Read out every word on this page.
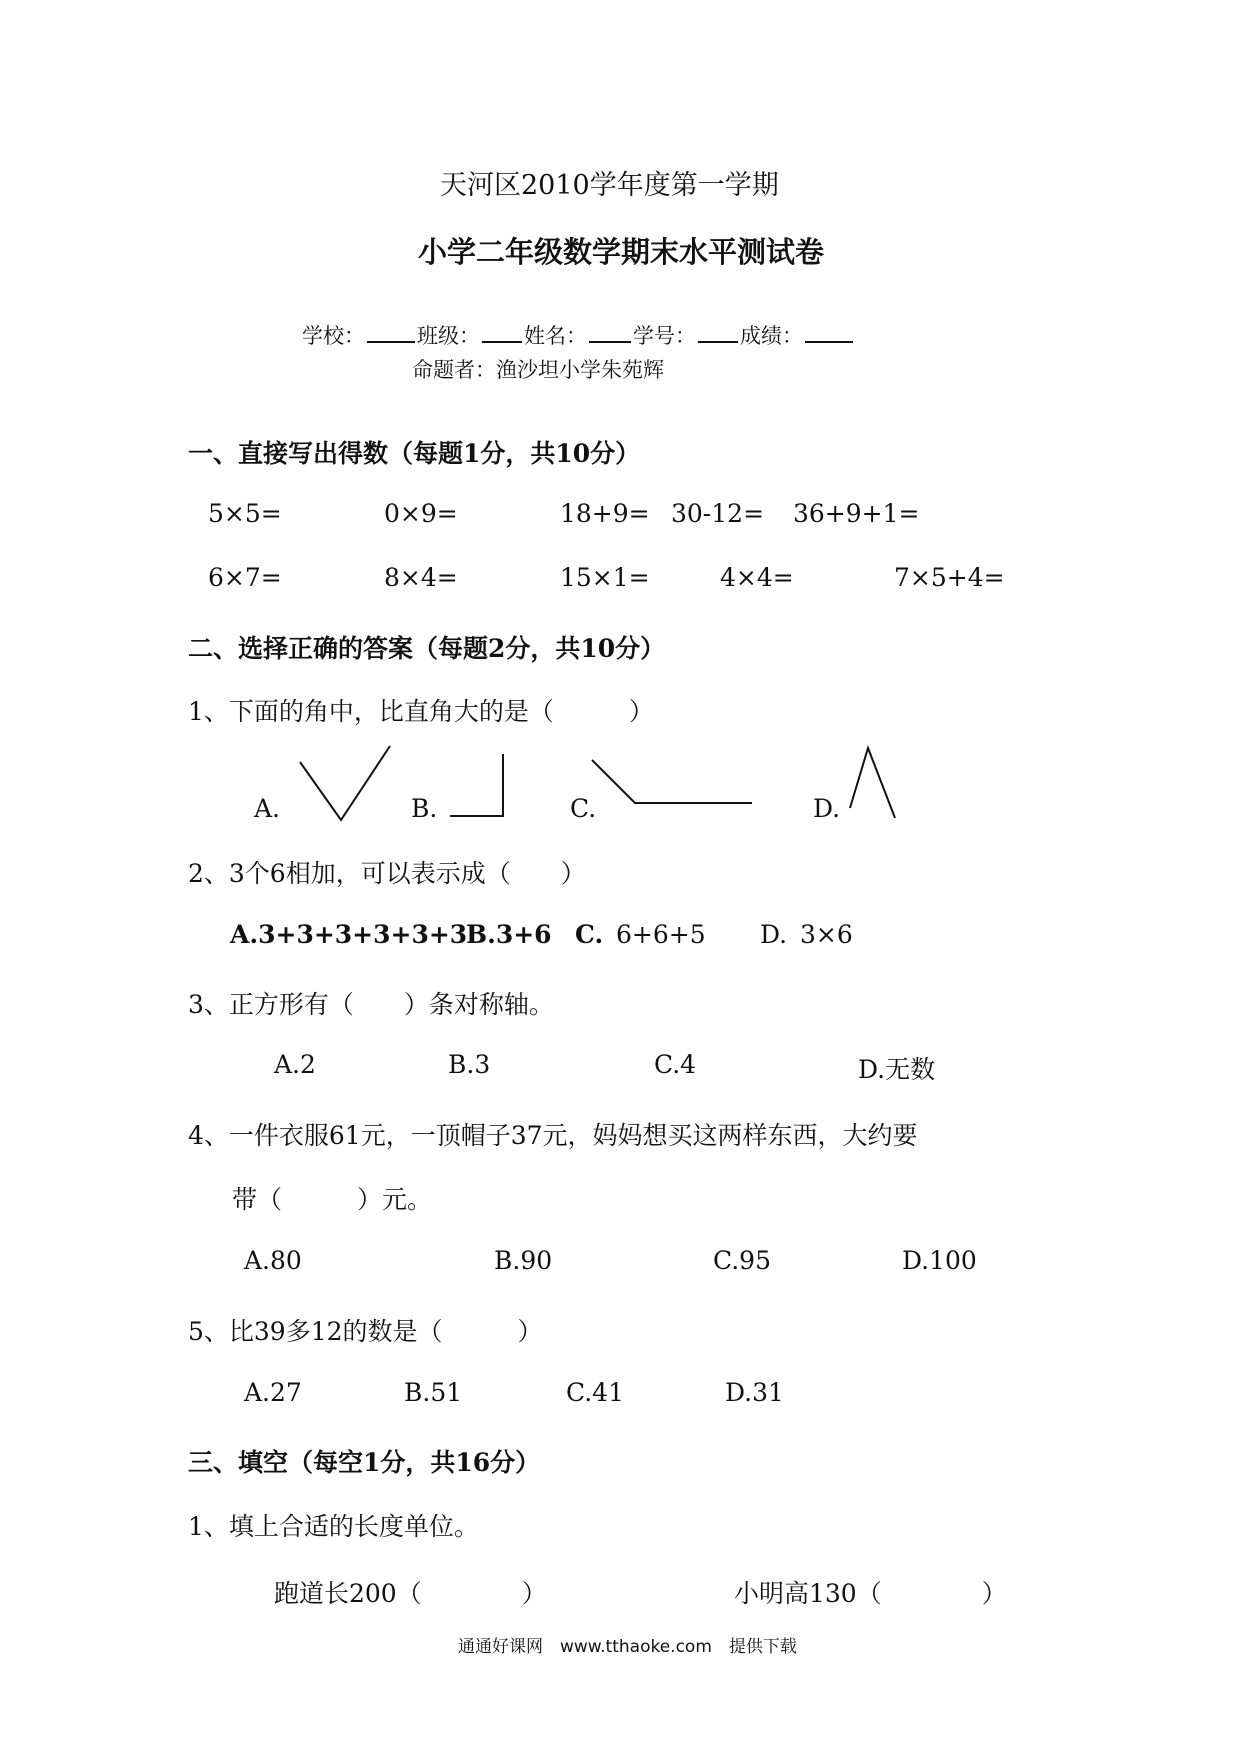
天河区2010学年度第一学期
小学二年级数学期末水平测试卷
学校： 班级： 姓名： 学号： 成绩：
命题者：渔沙坦小学朱苑辉
一、直接写出得数（每题1分，共10分）
5×5=	0×9=	18+9= 30-12= 36+9+1=
6×7=	8×4=	15×1=	4×4=	7×5+4=
二、选择正确的答案（每题2分，共10分）
1、下面的角中，比直角大的是（　　　）
A.	B.	C.	D.
2、3个6相加，可以表示成（　　）
A.3+3+3+3+3+3
B.3+6 C. 6+6+5 D. 3×6
3、正方形有（　　）条对称轴。
A.2	B.3	C.4	D.无数
4、一件衣服61元，一顶帽子37元，妈妈想买这两样东西，大约要
带（　　　）元。
A.80	B.90	C.95	D.100
5、比39多12的数是（　　　）
A.27	B.51	C.41	D.31
三、填空（每空1分，共16分）
1、填上合适的长度单位。
跑道长200（　　　　）	小明高130（　　　　）
通通好课网　www.tthaoke.com　提供下载
